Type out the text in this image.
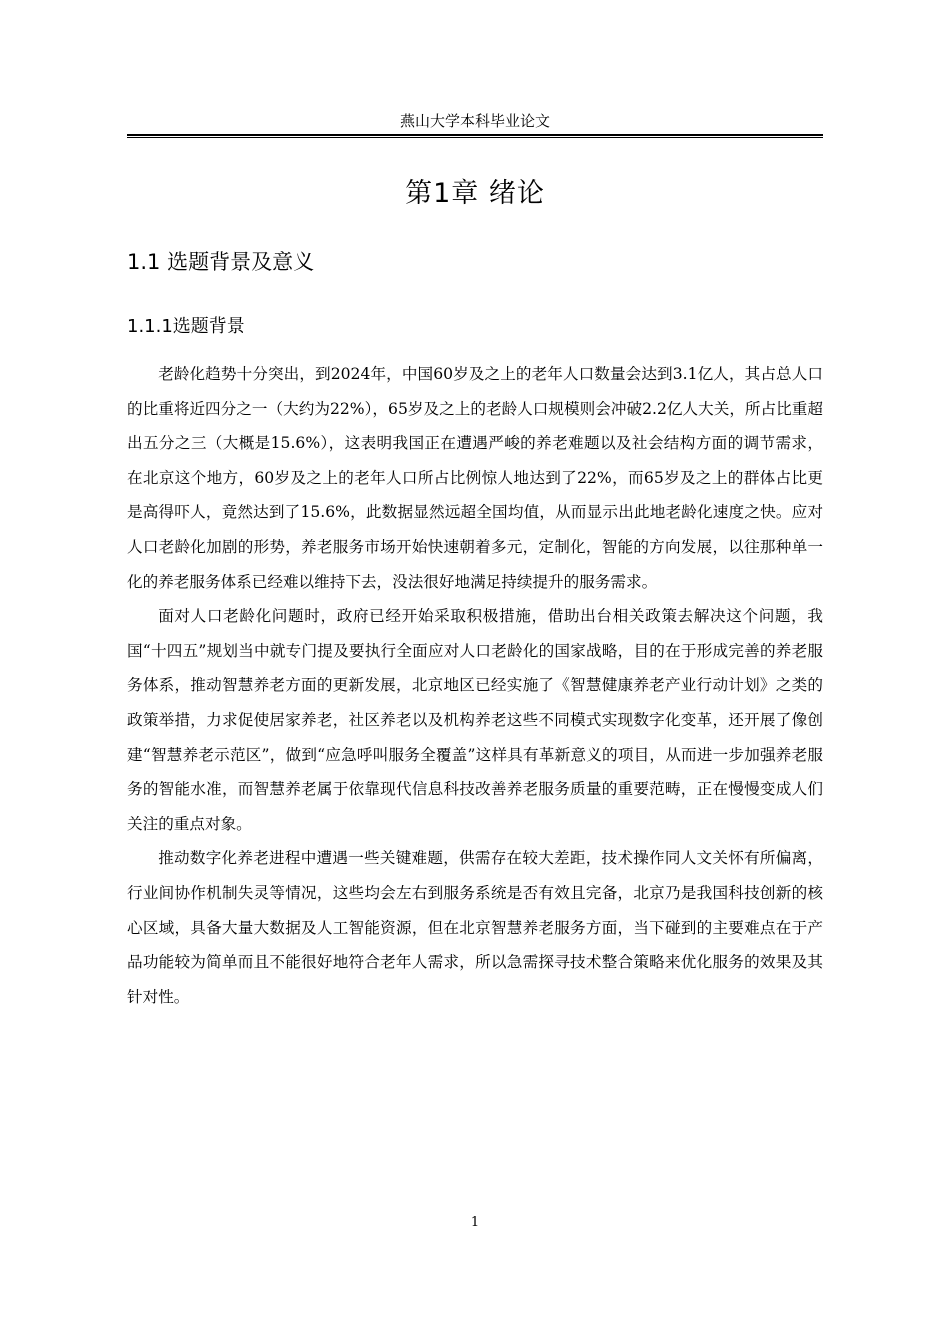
燕山大学本科毕业论文
第1章 绪论
1.1 选题背景及意义
1.1.1选题背景

老龄化趋势十分突出，到2024年，中国60岁及之上的老年人口数量会达到3.1亿人，其占总人口的比重将近四分之一（大约为22%），65岁及之上的老龄人口规模则会冲破2.2亿人大关，所占比重超出五分之三（大概是15.6%），这表明我国正在遭遇严峻的养老难题以及社会结构方面的调节需求，在北京这个地方，60岁及之上的老年人口所占比例惊人地达到了22%，而65岁及之上的群体占比更是高得吓人，竟然达到了15.6%，此数据显然远超全国均值，从而显示出此地老龄化速度之快。应对人口老龄化加剧的形势，养老服务市场开始快速朝着多元，定制化，智能的方向发展，以往那种单一化的养老服务体系已经难以维持下去，没法很好地满足持续提升的服务需求。

面对人口老龄化问题时，政府已经开始采取积极措施，借助出台相关政策去解决这个问题，我国“十四五”规划当中就专门提及要执行全面应对人口老龄化的国家战略，目的在于形成完善的养老服务体系，推动智慧养老方面的更新发展，北京地区已经实施了《智慧健康养老产业行动计划》之类的政策举措，力求促使居家养老，社区养老以及机构养老这些不同模式实现数字化变革，还开展了像创建“智慧养老示范区”，做到“应急呼叫服务全覆盖”这样具有革新意义的项目，从而进一步加强养老服务的智能水准，而智慧养老属于依靠现代信息科技改善养老服务质量的重要范畴，正在慢慢变成人们关注的重点对象。

推动数字化养老进程中遭遇一些关键难题，供需存在较大差距，技术操作同人文关怀有所偏离，行业间协作机制失灵等情况，这些均会左右到服务系统是否有效且完备，北京乃是我国科技创新的核心区域，具备大量大数据及人工智能资源，但在北京智慧养老服务方面，当下碰到的主要难点在于产品功能较为简单而且不能很好地符合老年人需求，所以急需探寻技术整合策略来优化服务的效果及其针对性。

1
